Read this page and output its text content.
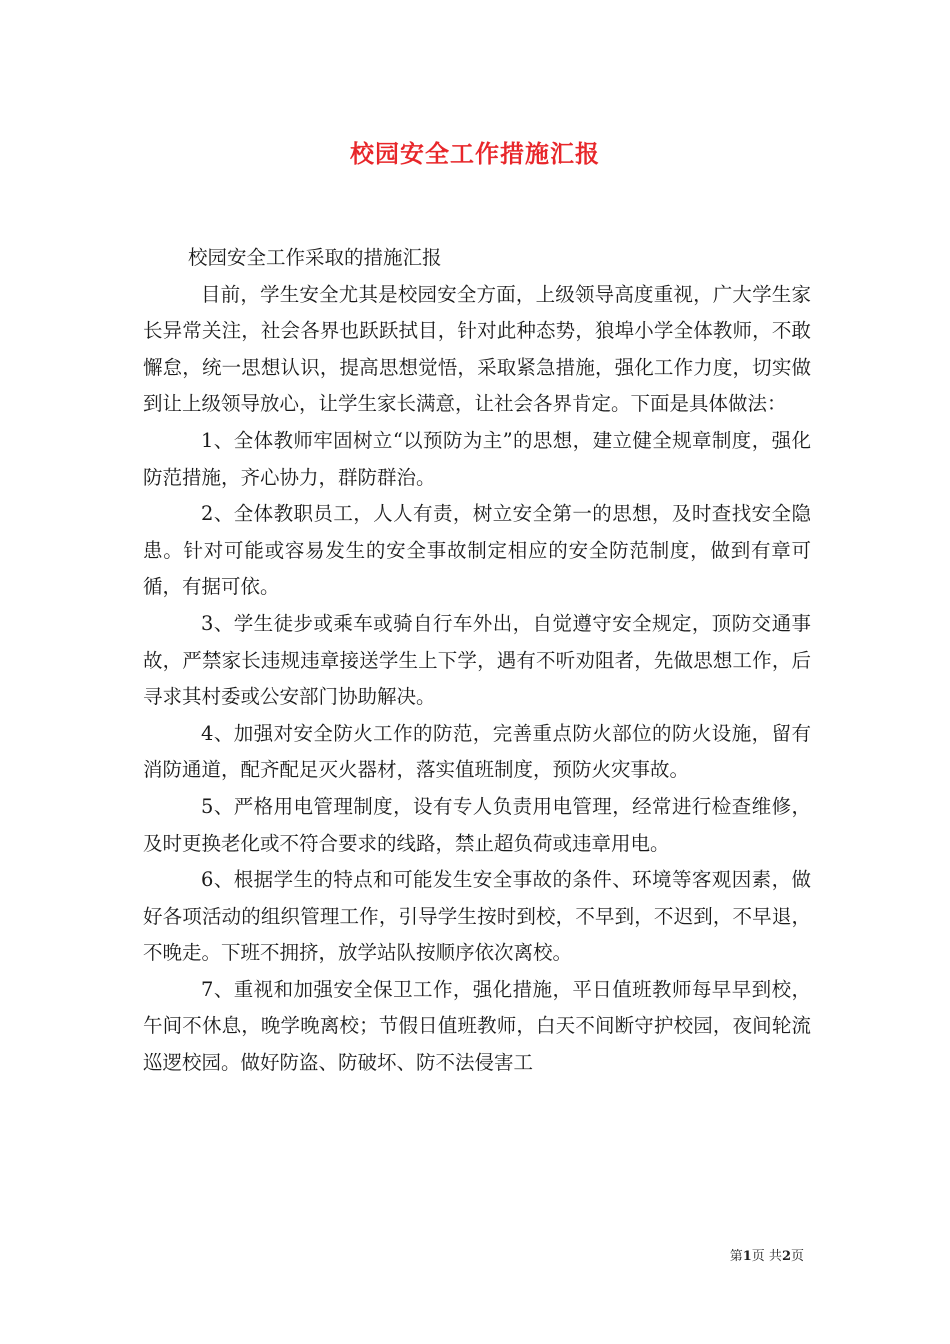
校园安全工作措施汇报

校园安全工作采取的措施汇报

目前，学生安全尤其是校园安全方面，上级领导高度重视，广大学生家长异常关注，社会各界也跃跃拭目，针对此种态势，狼埠小学全体教师，不敢懈怠，统一思想认识，提高思想觉悟，采取紧急措施，强化工作力度，切实做到让上级领导放心，让学生家长满意，让社会各界肯定。下面是具体做法：

1、全体教师牢固树立“以预防为主”的思想，建立健全规章制度，强化防范措施，齐心协力，群防群治。

2、全体教职员工，人人有责，树立安全第一的思想，及时查找安全隐患。针对可能或容易发生的安全事故制定相应的安全防范制度，做到有章可循，有据可依。

3、学生徒步或乘车或骑自行车外出，自觉遵守安全规定，顶防交通事故，严禁家长违规违章接送学生上下学，遇有不听劝阻者，先做思想工作，后寻求其村委或公安部门协助解决。

4、加强对安全防火工作的防范，完善重点防火部位的防火设施，留有消防通道，配齐配足灭火器材，落实值班制度，预防火灾事故。

5、严格用电管理制度，设有专人负责用电管理，经常进行检查维修，及时更换老化或不符合要求的线路，禁止超负荷或违章用电。

6、根据学生的特点和可能发生安全事故的条件、环境等客观因素，做好各项活动的组织管理工作，引导学生按时到校，不早到，不迟到，不早退，不晚走。下班不拥挤，放学站队按顺序依次离校。

7、重视和加强安全保卫工作，强化措施，平日值班教师每早早到校，午间不休息，晚学晚离校；节假日值班教师，白天不间断守护校园，夜间轮流巡逻校园。做好防盗、防破坏、防不法侵害工

第1页 共2页
